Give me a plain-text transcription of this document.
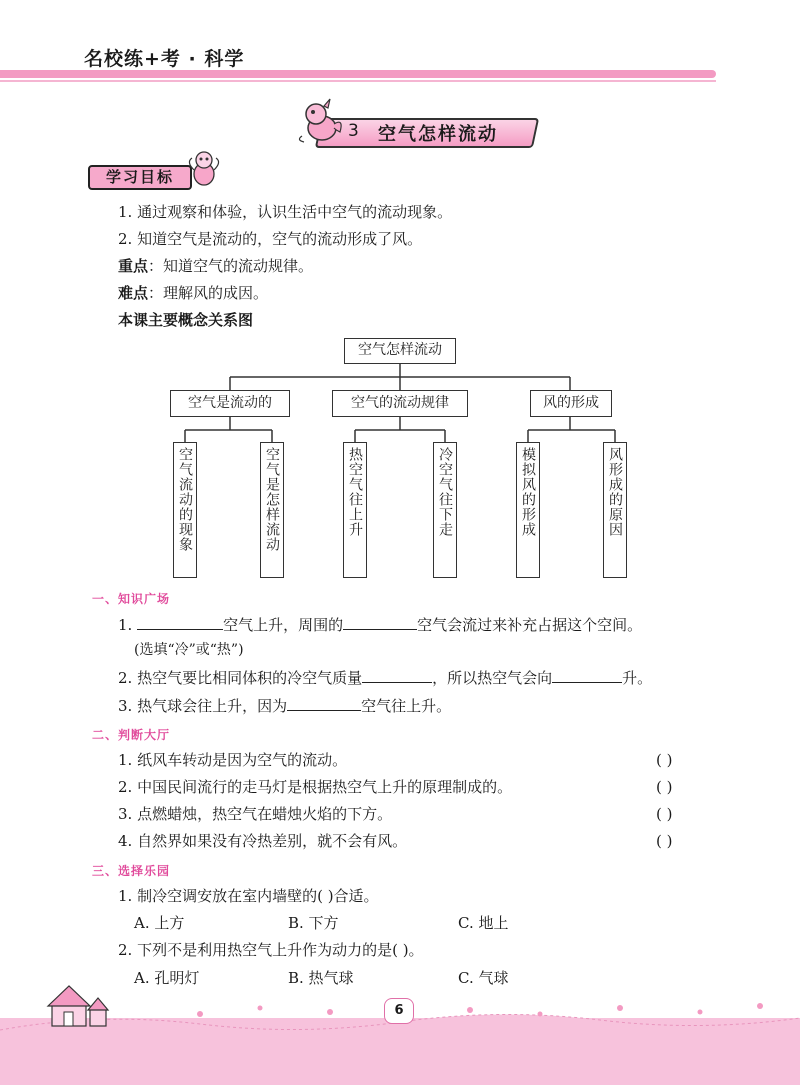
名校练+考 · 科学
3 空气怎样流动
学习目标
1. 通过观察和体验，认识生活中空气的流动现象。
2. 知道空气是流动的，空气的流动形成了风。
重点：知道空气的流动规律。
难点：理解风的成因。
本课主要概念关系图
空气怎样流动
空气是流动的	空气的流动规律	风的形成
空气流动的现象	空气是怎样流动	热空气往上升	冷空气往下走	模拟风的形成	风形成的原因
一、知识广场
1.	空气上升，周围的	空气会流过来补充占据这个空间。
(选填“冷”或“热”)
2. 热空气要比相同体积的冷空气质量	，所以热空气会向	升。
3. 热气球会往上升，因为	空气往上升。
二、判断大厅
1. 纸风车转动是因为空气的流动。	( )
2. 中国民间流行的走马灯是根据热空气上升的原理制成的。	( )
3. 点燃蜡烛，热空气在蜡烛火焰的下方。	( )
4. 自然界如果没有冷热差别，就不会有风。	( )
三、选择乐园
1. 制冷空调安放在室内墙壁的( )合适。
A. 上方	B. 下方	C. 地上
2. 下列不是利用热空气上升作为动力的是( )。
A. 孔明灯	B. 热气球	C. 气球
6
